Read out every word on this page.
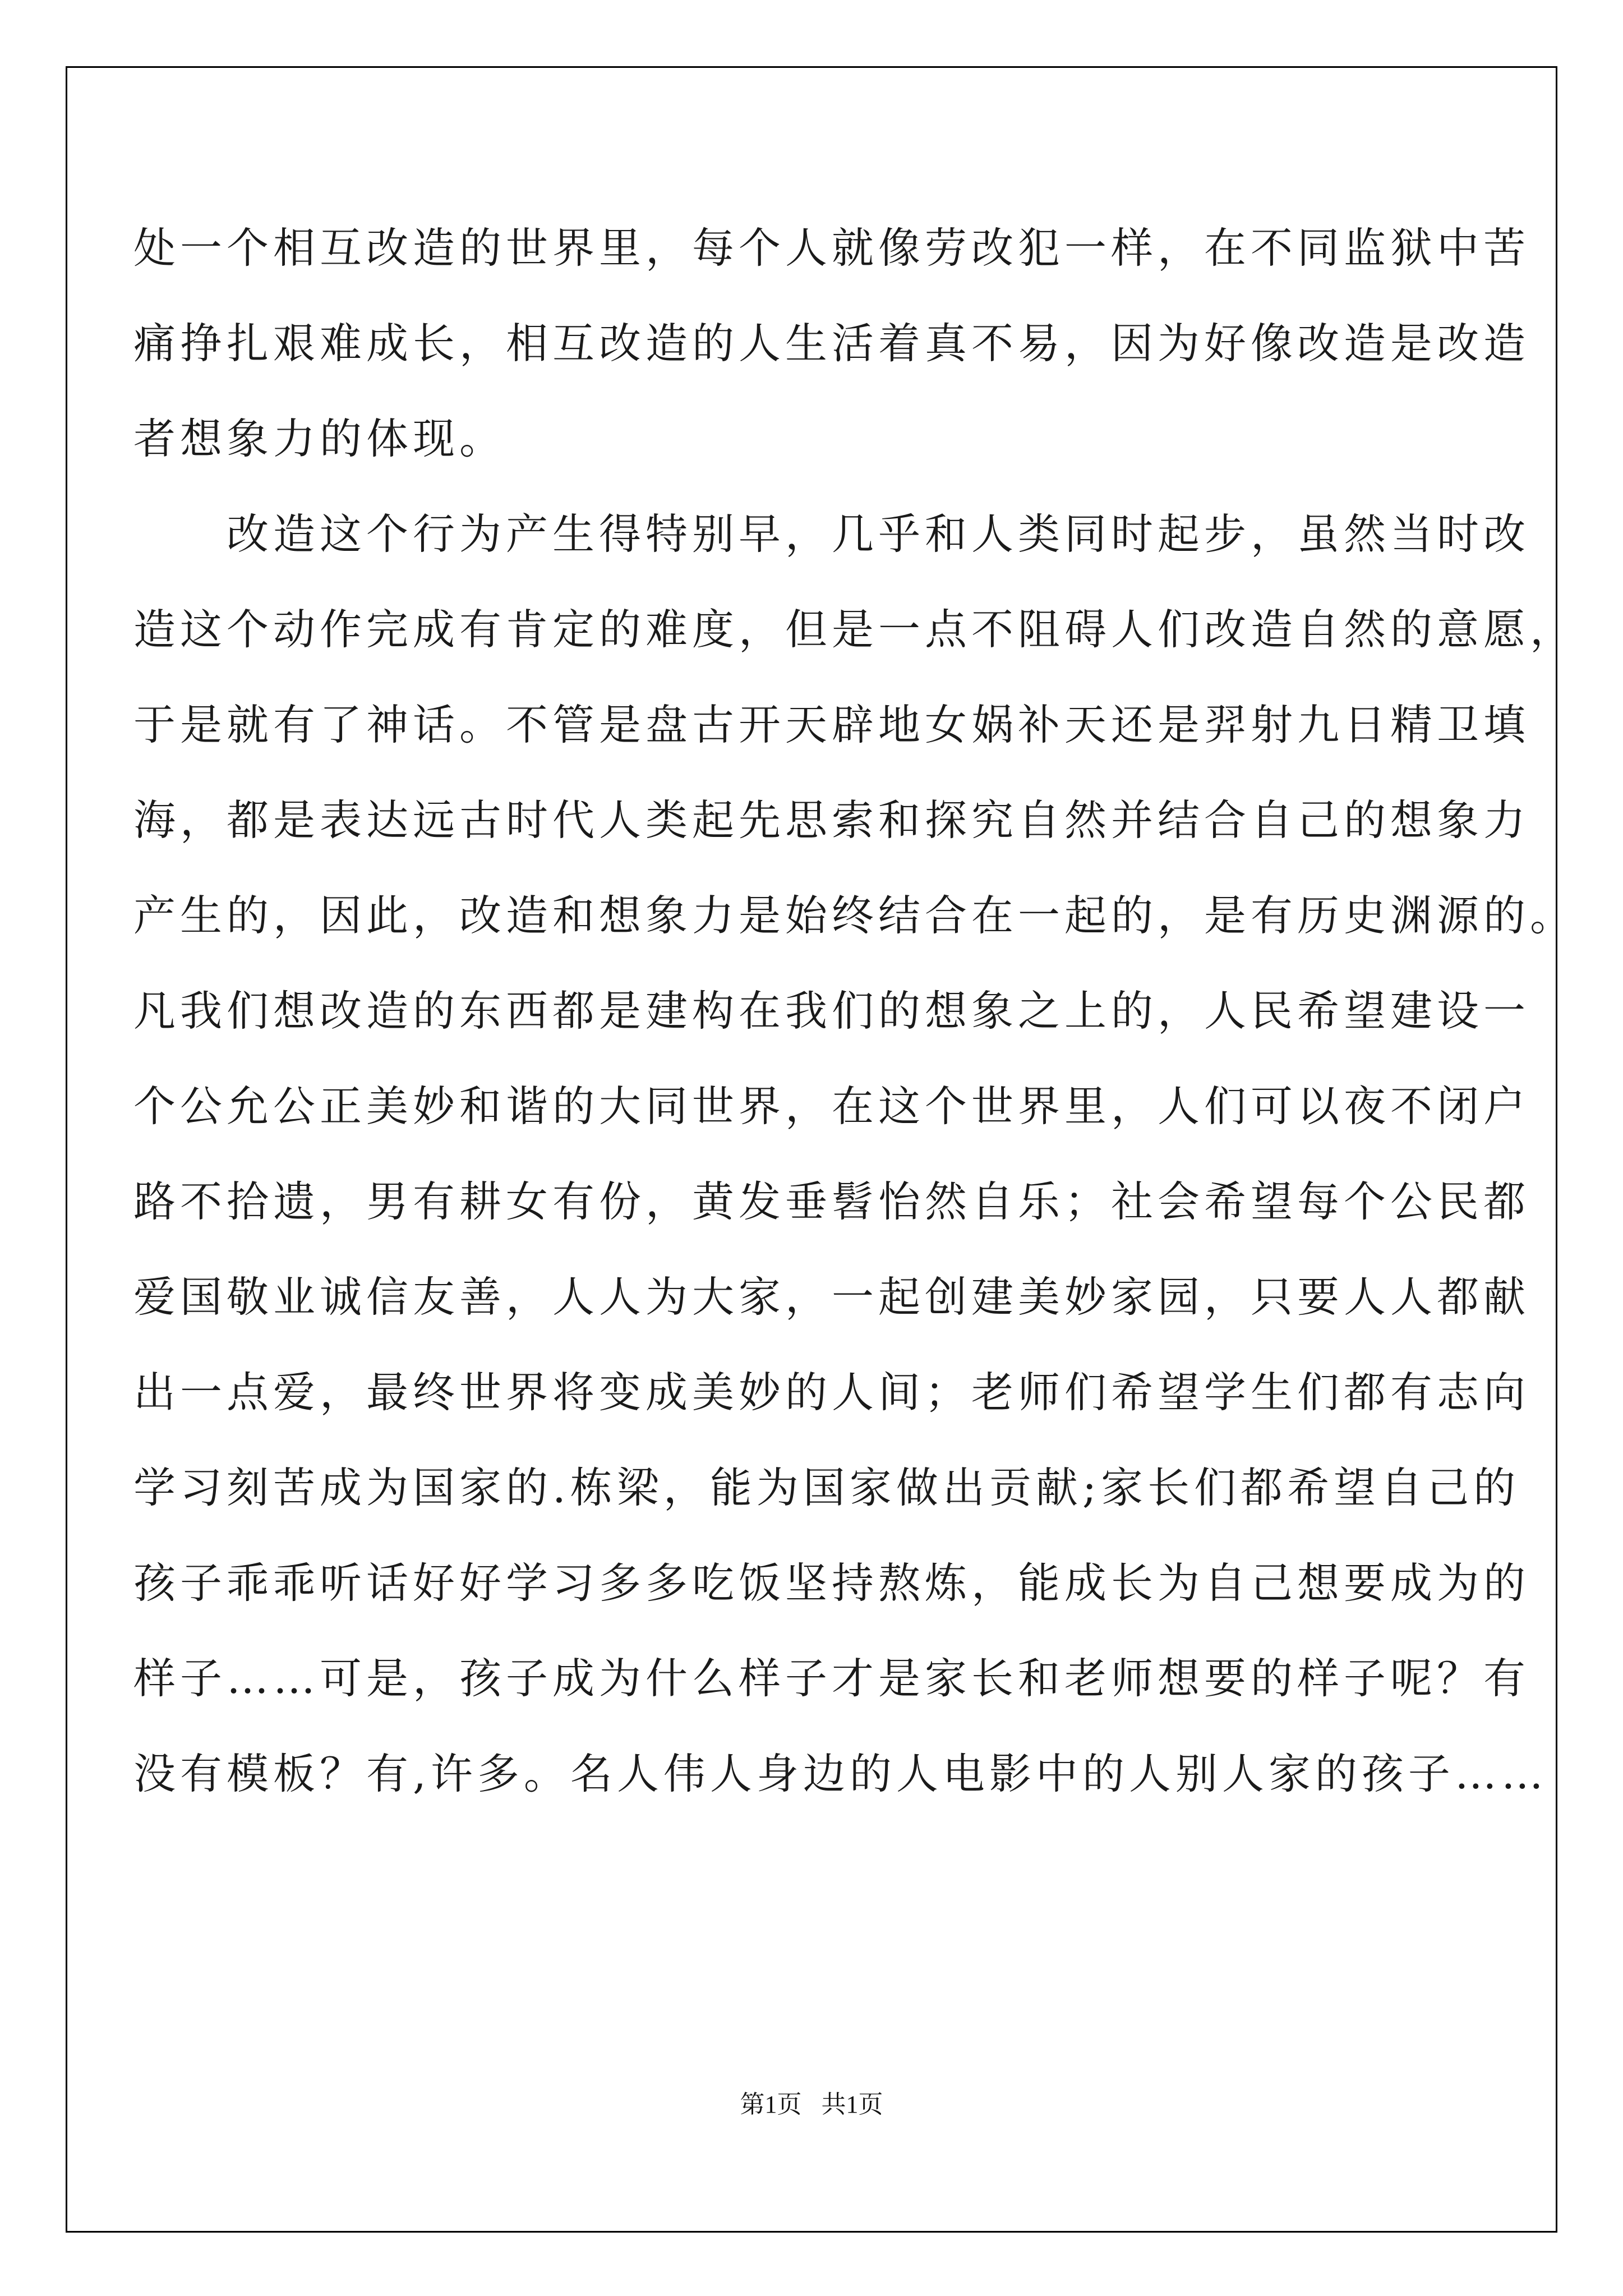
处一个相互改造的世界里，每个人就像劳改犯一样，在不同监狱中苦

痛挣扎艰难成长，相互改造的人生活着真不易，因为好像改造是改造

者想象力的体现。

　　改造这个行为产生得特别早，几乎和人类同时起步，虽然当时改

造这个动作完成有肯定的难度，但是一点不阻碍人们改造自然的意愿，

于是就有了神话。不管是盘古开天辟地女娲补天还是羿射九日精卫填

海，都是表达远古时代人类起先思索和探究自然并结合自己的想象力

产生的，因此，改造和想象力是始终结合在一起的，是有历史渊源的。

凡我们想改造的东西都是建构在我们的想象之上的，人民希望建设一

个公允公正美妙和谐的大同世界，在这个世界里，人们可以夜不闭户

路不拾遗，男有耕女有份，黄发垂髫怡然自乐；社会希望每个公民都

爱国敬业诚信友善，人人为大家，一起创建美妙家园，只要人人都献

出一点爱，最终世界将变成美妙的人间；老师们希望学生们都有志向

学习刻苦成为国家的.栋梁，能为国家做出贡献;家长们都希望自己的

孩子乖乖听话好好学习多多吃饭坚持熬炼，能成长为自己想要成为的

样子……可是，孩子成为什么样子才是家长和老师想要的样子呢？有

没有模板？有,许多。名人伟人身边的人电影中的人别人家的孩子……

第1页 共1页
